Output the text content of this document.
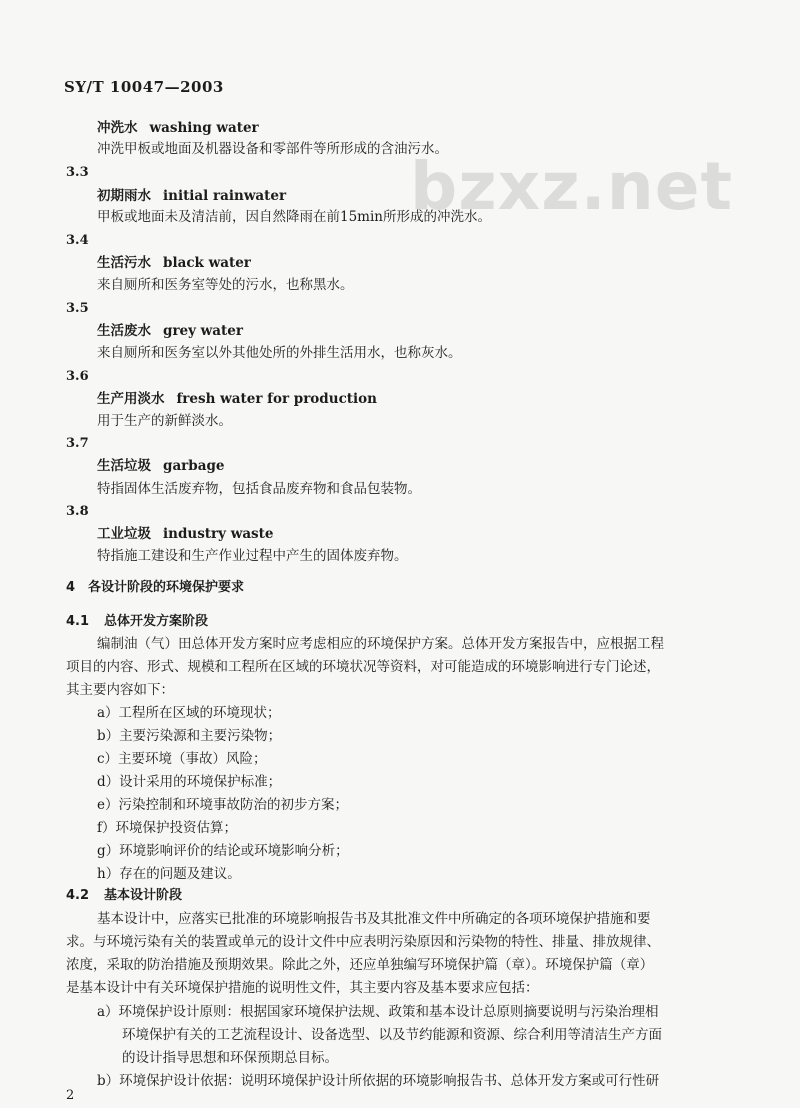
bzxz.net
SY/T 10047—2003
冲洗水 washing water
冲洗甲板或地面及机器设备和零部件等所形成的含油污水。
3.3
初期雨水 initial rainwater
甲板或地面未及清洁前，因自然降雨在前15min所形成的冲洗水。
3.4
生活污水 black water
来自厕所和医务室等处的污水，也称黑水。
3.5
生活废水 grey water
来自厕所和医务室以外其他处所的外排生活用水，也称灰水。
3.6
生产用淡水 fresh water for production
用于生产的新鲜淡水。
3.7
生活垃圾 garbage
特指固体生活废弃物，包括食品废弃物和食品包装物。
3.8
工业垃圾 industry waste
特指施工建设和生产作业过程中产生的固体废弃物。
4　各设计阶段的环境保护要求
4.1 总体开发方案阶段
编制油（气）田总体开发方案时应考虑相应的环境保护方案。总体开发方案报告中，应根据工程
项目的内容、形式、规模和工程所在区域的环境状况等资料，对可能造成的环境影响进行专门论述，
其主要内容如下：
a）工程所在区域的环境现状；
b）主要污染源和主要污染物；
c）主要环境（事故）风险；
d）设计采用的环境保护标准；
e）污染控制和环境事故防治的初步方案；
f）环境保护投资估算；
g）环境影响评价的结论或环境影响分析；
h）存在的问题及建议。
4.2 基本设计阶段
基本设计中，应落实已批准的环境影响报告书及其批准文件中所确定的各项环境保护措施和要
求。与环境污染有关的装置或单元的设计文件中应表明污染原因和污染物的特性、排量、排放规律、
浓度，采取的防治措施及预期效果。除此之外，还应单独编写环境保护篇（章）。环境保护篇（章）
是基本设计中有关环境保护措施的说明性文件，其主要内容及基本要求应包括：
a）环境保护设计原则：根据国家环境保护法规、政策和基本设计总原则摘要说明与污染治理相
环境保护有关的工艺流程设计、设备选型、以及节约能源和资源、综合利用等清洁生产方面
的设计指导思想和环保预期总目标。
b）环境保护设计依据：说明环境保护设计所依据的环境影响报告书、总体开发方案或可行性研
2
